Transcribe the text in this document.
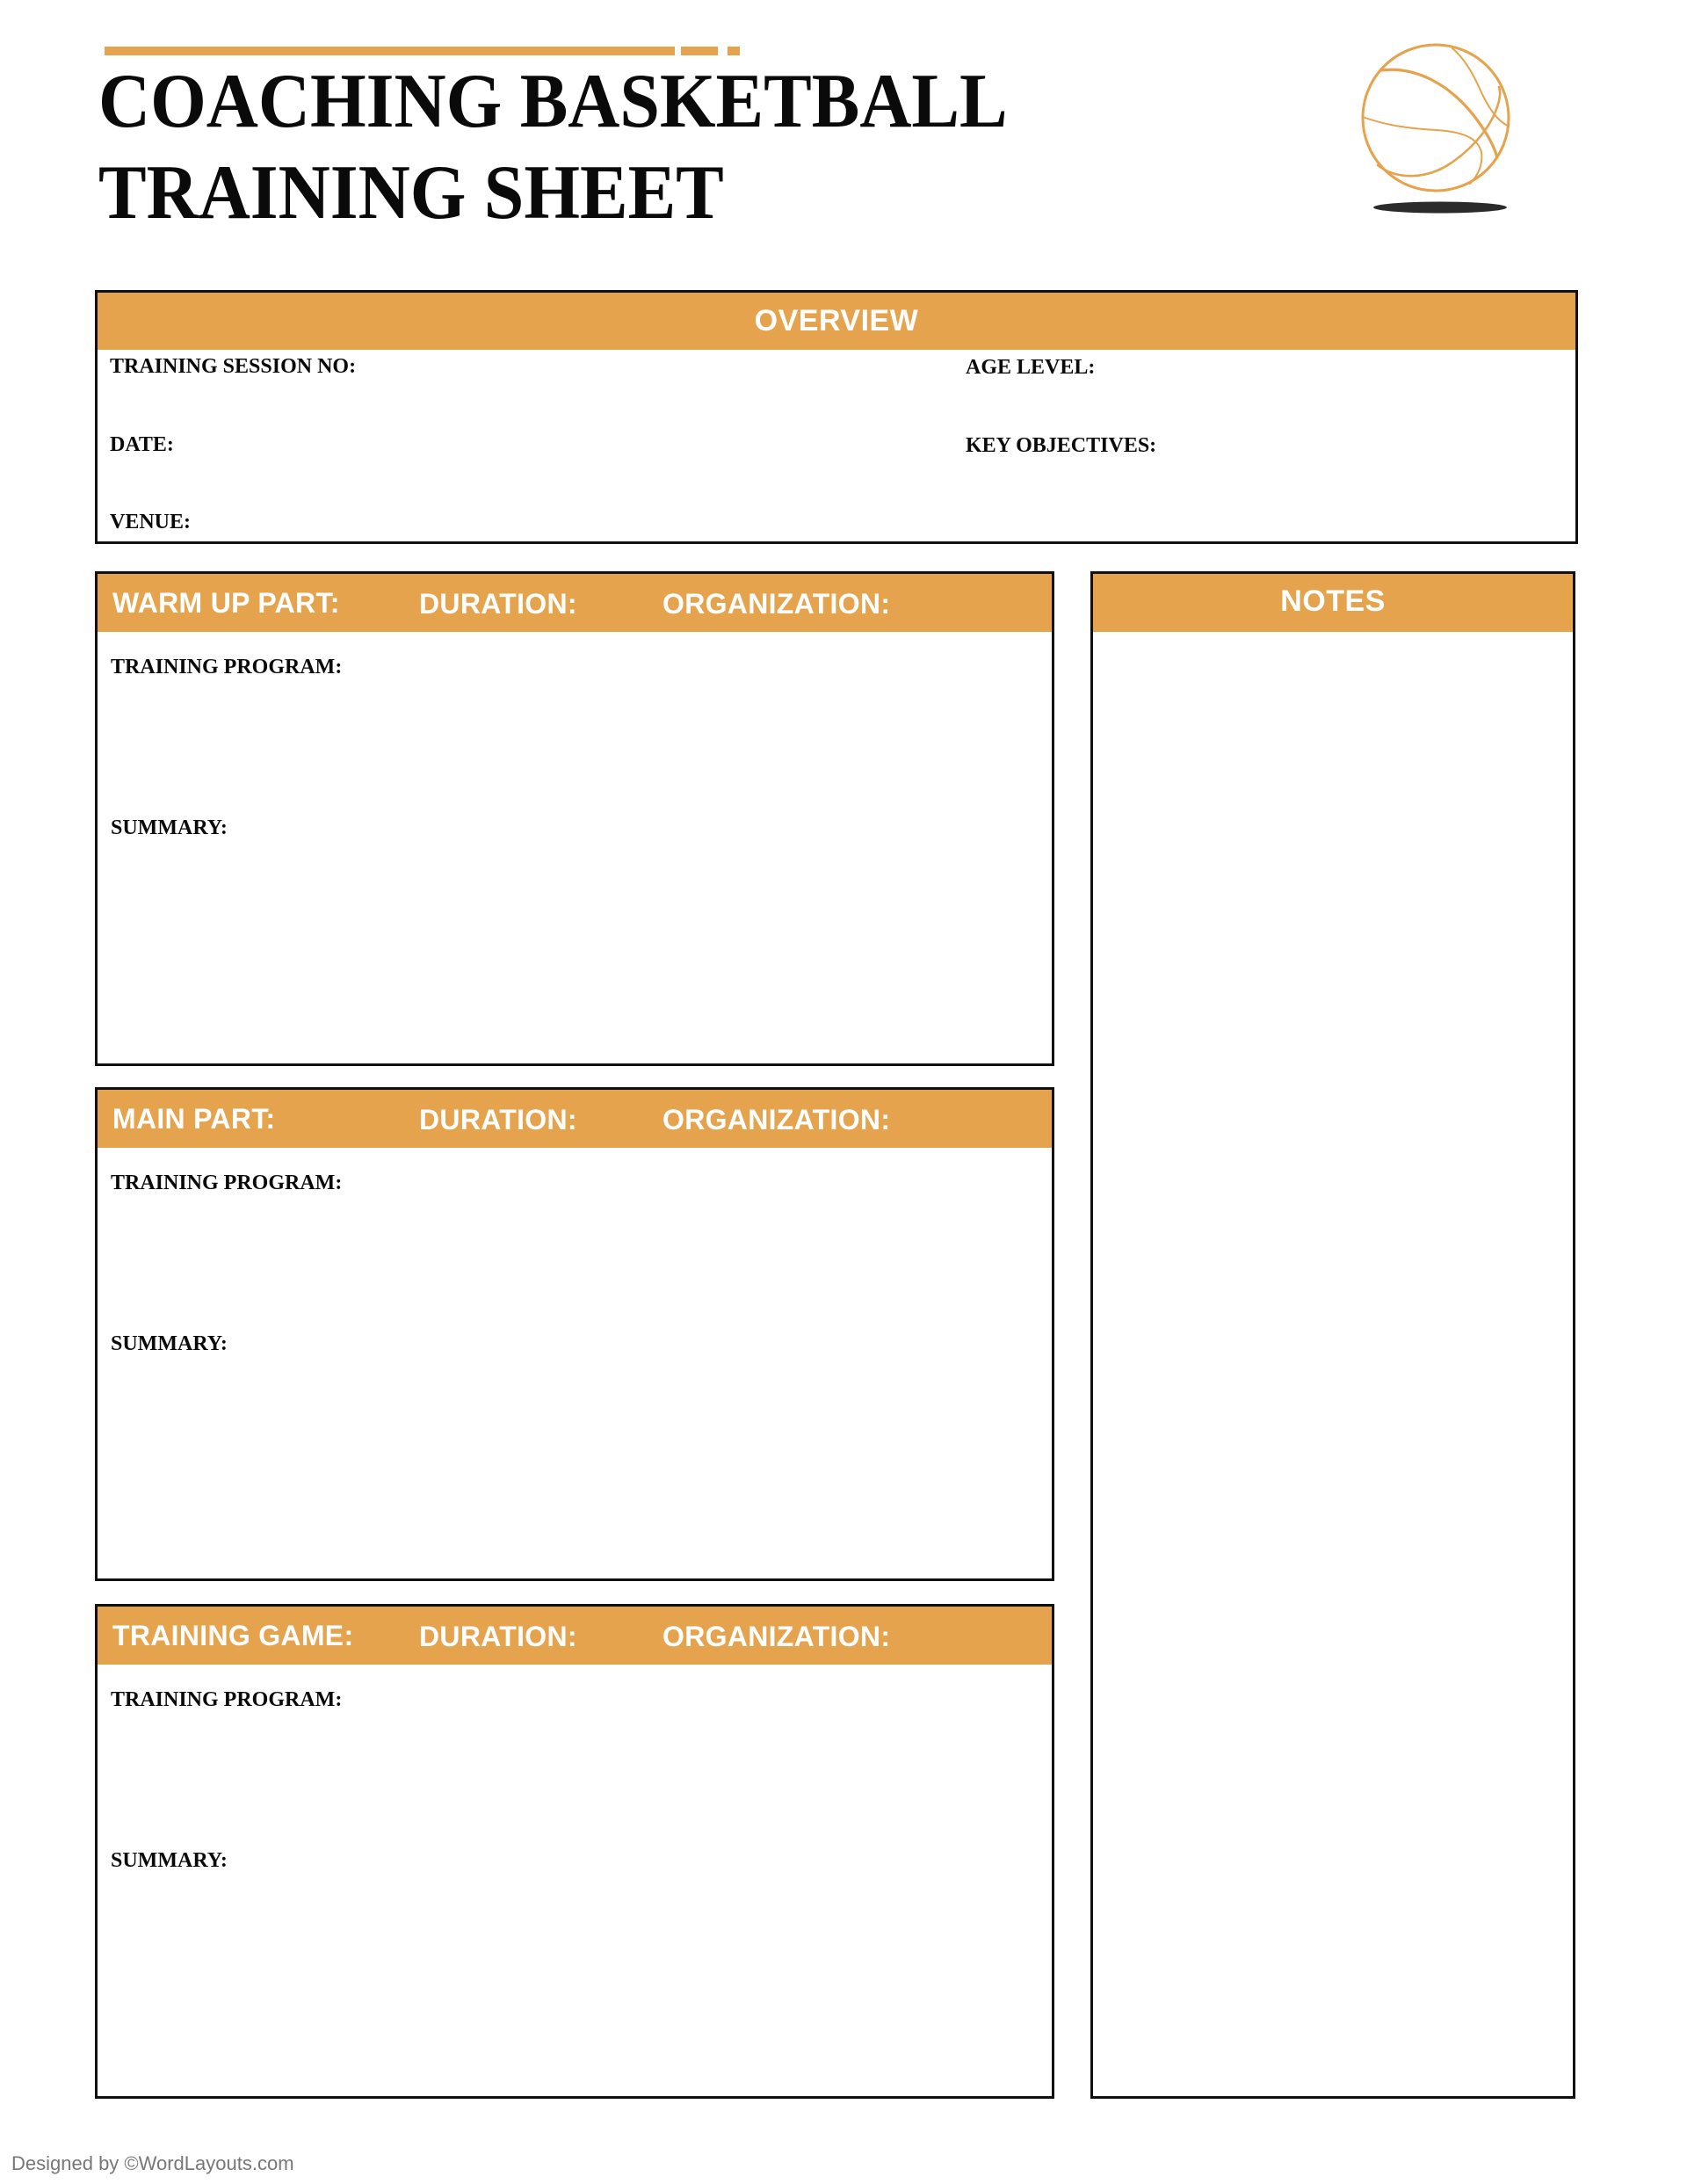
COACHING BASKETBALL
TRAINING SHEET
OVERVIEW
TRAINING SESSION NO:
DATE:
VENUE:
AGE LEVEL:
KEY OBJECTIVES:
WARM UP PART:	DURATION:	ORGANIZATION:
TRAINING PROGRAM:
SUMMARY:
MAIN PART:	DURATION:	ORGANIZATION:
TRAINING PROGRAM:
SUMMARY:
TRAINING GAME: DURATION:	ORGANIZATION:
TRAINING PROGRAM:
SUMMARY:
NOTES
Designed by ©WordLayouts.com
